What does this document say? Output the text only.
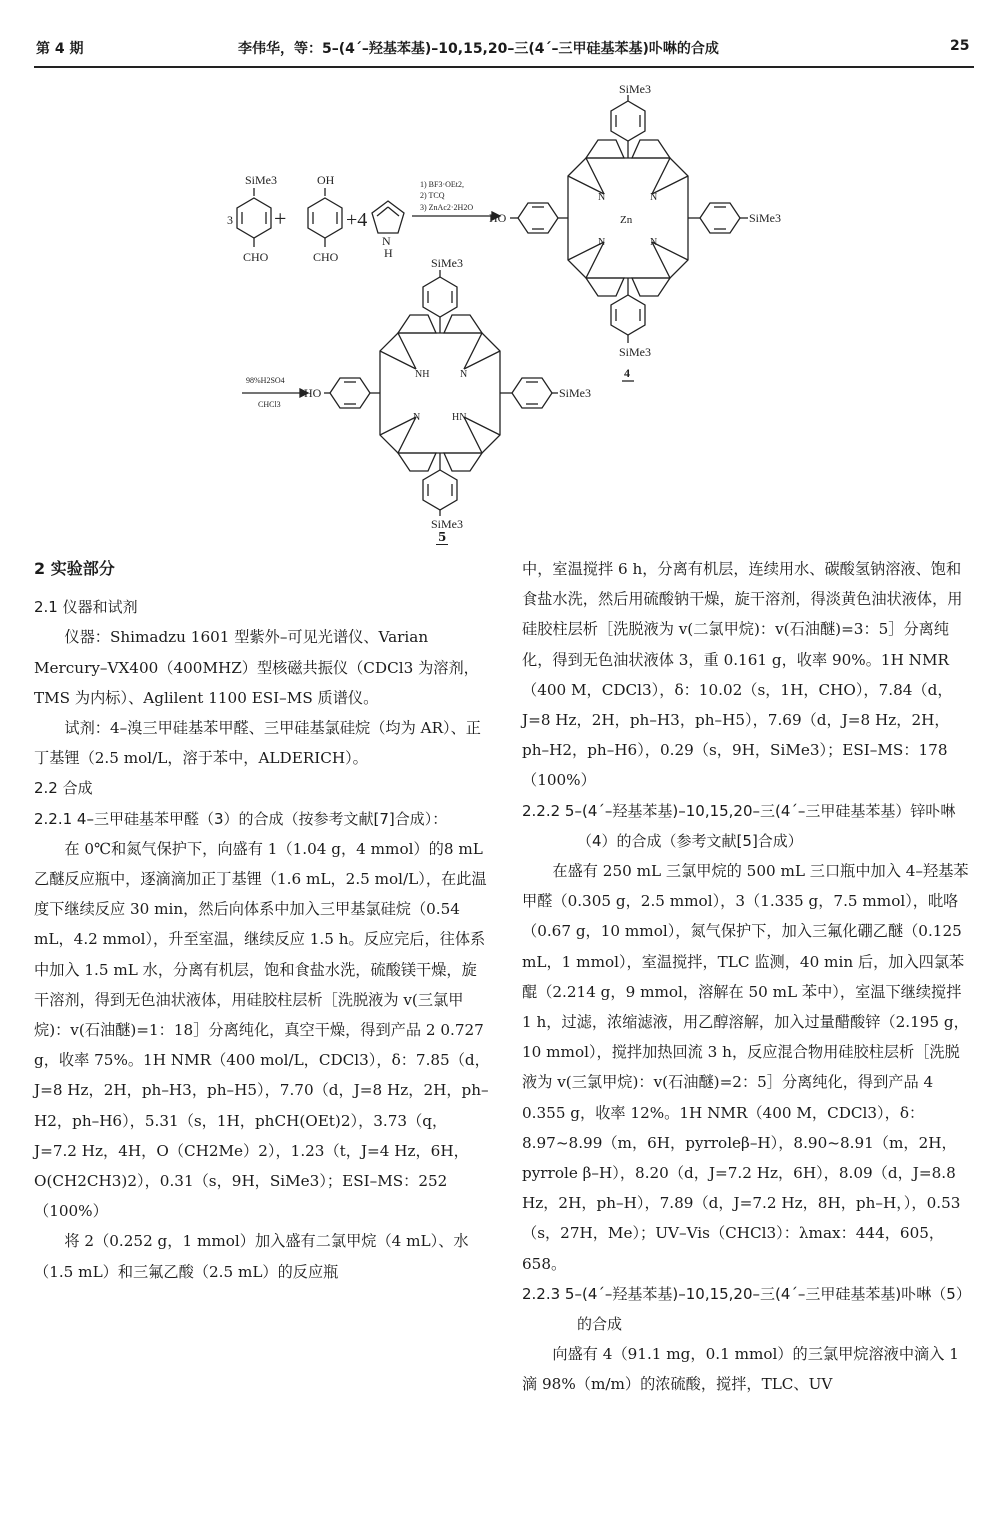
第 4 期	李伟华，等：5–(4´–羟基苯基)–10,15,20–三(4´–三甲硅基苯基)卟啉的合成	25
SiMe3
CHO
3 +
OH
CHO
+4
N
H
1) BF3·OEt2,
2) TCQ
3) ZnAc2·2H2O
Zn
N	N
N	N
SiMe3
SiMe3
4
SiMe3
HO
98%H2SO4
CHCl3
NH	N
N	HN
SiMe3
SiMe3
SiMe3
HO
5

2 实验部分

2.1 仪器和试剂

仪器：Shimadzu 1601 型紫外–可见光谱仪、Varian Mercury–VX400（400MHZ）型核磁共振仪（CDCl3 为溶剂，TMS 为内标）、Aglilent 1100 ESI–MS 质谱仪。

试剂：4–溴三甲硅基苯甲醛、三甲硅基氯硅烷（均为 AR）、正丁基锂（2.5 mol/L，溶于苯中，ALDERICH）。

2.2 合成

2.2.1 4–三甲硅基苯甲醛（3）的合成（按参考文献[7]合成）：

在 0℃和氮气保护下，向盛有 1（1.04 g，4 mmol）的8 mL 乙醚反应瓶中，逐滴滴加正丁基锂（1.6 mL，2.5 mol/L），在此温度下继续反应 30 min，然后向体系中加入三甲基氯硅烷（0.54 mL，4.2 mmol），升至室温，继续反应 1.5 h。反应完后，往体系中加入 1.5 mL 水，分离有机层，饱和食盐水洗，硫酸镁干燥，旋干溶剂，得到无色油状液体，用硅胶柱层析［洗脱液为 v(三氯甲烷)：v(石油醚)=1：18］分离纯化，真空干燥，得到产品 2 0.727 g，收率 75%。1H NMR（400 mol/L，CDCl3），δ：7.85（d，J=8 Hz，2H，ph–H3，ph–H5），7.70（d，J=8 Hz，2H，ph–H2，ph–H6），5.31（s，1H，phCH(OEt)2），3.73（q，J=7.2 Hz，4H，O（CH2Me）2），1.23（t，J=4 Hz，6H，O(CH2CH3)2），0.31（s，9H，SiMe3）；ESI–MS：252（100%）

将 2（0.252 g，1 mmol）加入盛有二氯甲烷（4 mL）、水（1.5 mL）和三氟乙酸（2.5 mL）的反应瓶

中，室温搅拌 6 h，分离有机层，连续用水、碳酸氢钠溶液、饱和食盐水洗，然后用硫酸钠干燥，旋干溶剂，得淡黄色油状液体，用硅胶柱层析［洗脱液为 v(二氯甲烷)：v(石油醚)=3：5］分离纯化，得到无色油状液体 3，重 0.161 g，收率 90%。1H NMR（400 M，CDCl3），δ：10.02（s，1H，CHO），7.84（d，J=8 Hz，2H，ph–H3，ph–H5），7.69（d，J=8 Hz，2H，ph–H2，ph–H6），0.29（s，9H，SiMe3）；ESI–MS：178（100%）

2.2.2 5–(4´–羟基苯基)–10,15,20–三(4´–三甲硅基苯基）锌卟啉（4）的合成（参考文献[5]合成）

在盛有 250 mL 三氯甲烷的 500 mL 三口瓶中加入 4–羟基苯甲醛（0.305 g，2.5 mmol），3（1.335 g，7.5 mmol），吡咯（0.67 g，10 mmol），氮气保护下，加入三氟化硼乙醚（0.125 mL，1 mmol），室温搅拌，TLC 监测，40 min 后，加入四氯苯醌（2.214 g，9 mmol，溶解在 50 mL 苯中），室温下继续搅拌 1 h，过滤，浓缩滤液，用乙醇溶解，加入过量醋酸锌（2.195 g，10 mmol），搅拌加热回流 3 h，反应混合物用硅胶柱层析［洗脱液为 v(三氯甲烷)：v(石油醚)=2：5］分离纯化，得到产品 4 0.355 g，收率 12%。1H NMR（400 M，CDCl3），δ：8.97~8.99（m，6H，pyrroleβ–H），8.90~8.91（m，2H，pyrrole β–H），8.20（d，J=7.2 Hz，6H），8.09（d，J=8.8 Hz，2H，ph–H），7.89（d，J=7.2 Hz，8H，ph–H，），0.53（s，27H，Me）；UV–Vis（CHCl3）：λmax：444，605，658。

2.2.3 5–(4´–羟基苯基)–10,15,20–三(4´–三甲硅基苯基)卟啉（5）的合成

向盛有 4（91.1 mg，0.1 mmol）的三氯甲烷溶液中滴入 1 滴 98%（m/m）的浓硫酸，搅拌，TLC、UV
